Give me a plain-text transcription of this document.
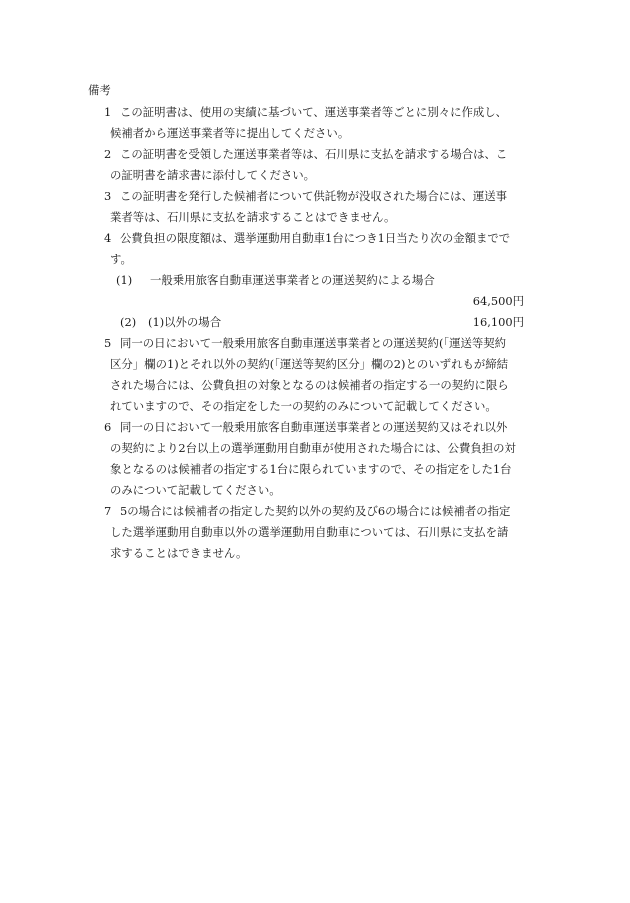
備考
1 この証明書は、使用の実績に基づいて、運送事業者等ごとに別々に作成し、
候補者から運送事業者等に提出してください。
2 この証明書を受領した運送事業者等は、石川県に支払を請求する場合は、こ
の証明書を請求書に添付してください。
3 この証明書を発行した候補者について供託物が没収された場合には、運送事
業者等は、石川県に支払を請求することはできません。
4 公費負担の限度額は、選挙運動用自動車1台につき1日当たり次の金額までで
す。
(1) 一般乗用旅客自動車運送事業者との運送契約による場合
64,500円
(2) (1)以外の場合	16,100円
5 同一の日において一般乗用旅客自動車運送事業者との運送契約(「運送等契約
区分」欄の1)とそれ以外の契約(「運送等契約区分」欄の2)とのいずれもが締結
された場合には、公費負担の対象となるのは候補者の指定する一の契約に限ら
れていますので、その指定をした一の契約のみについて記載してください。
6 同一の日において一般乗用旅客自動車運送事業者との運送契約又はそれ以外
の契約により2台以上の選挙運動用自動車が使用された場合には、公費負担の対
象となるのは候補者の指定する1台に限られていますので、その指定をした1台
のみについて記載してください。
7 5の場合には候補者の指定した契約以外の契約及び6の場合には候補者の指定
した選挙運動用自動車以外の選挙運動用自動車については、石川県に支払を請
求することはできません。
